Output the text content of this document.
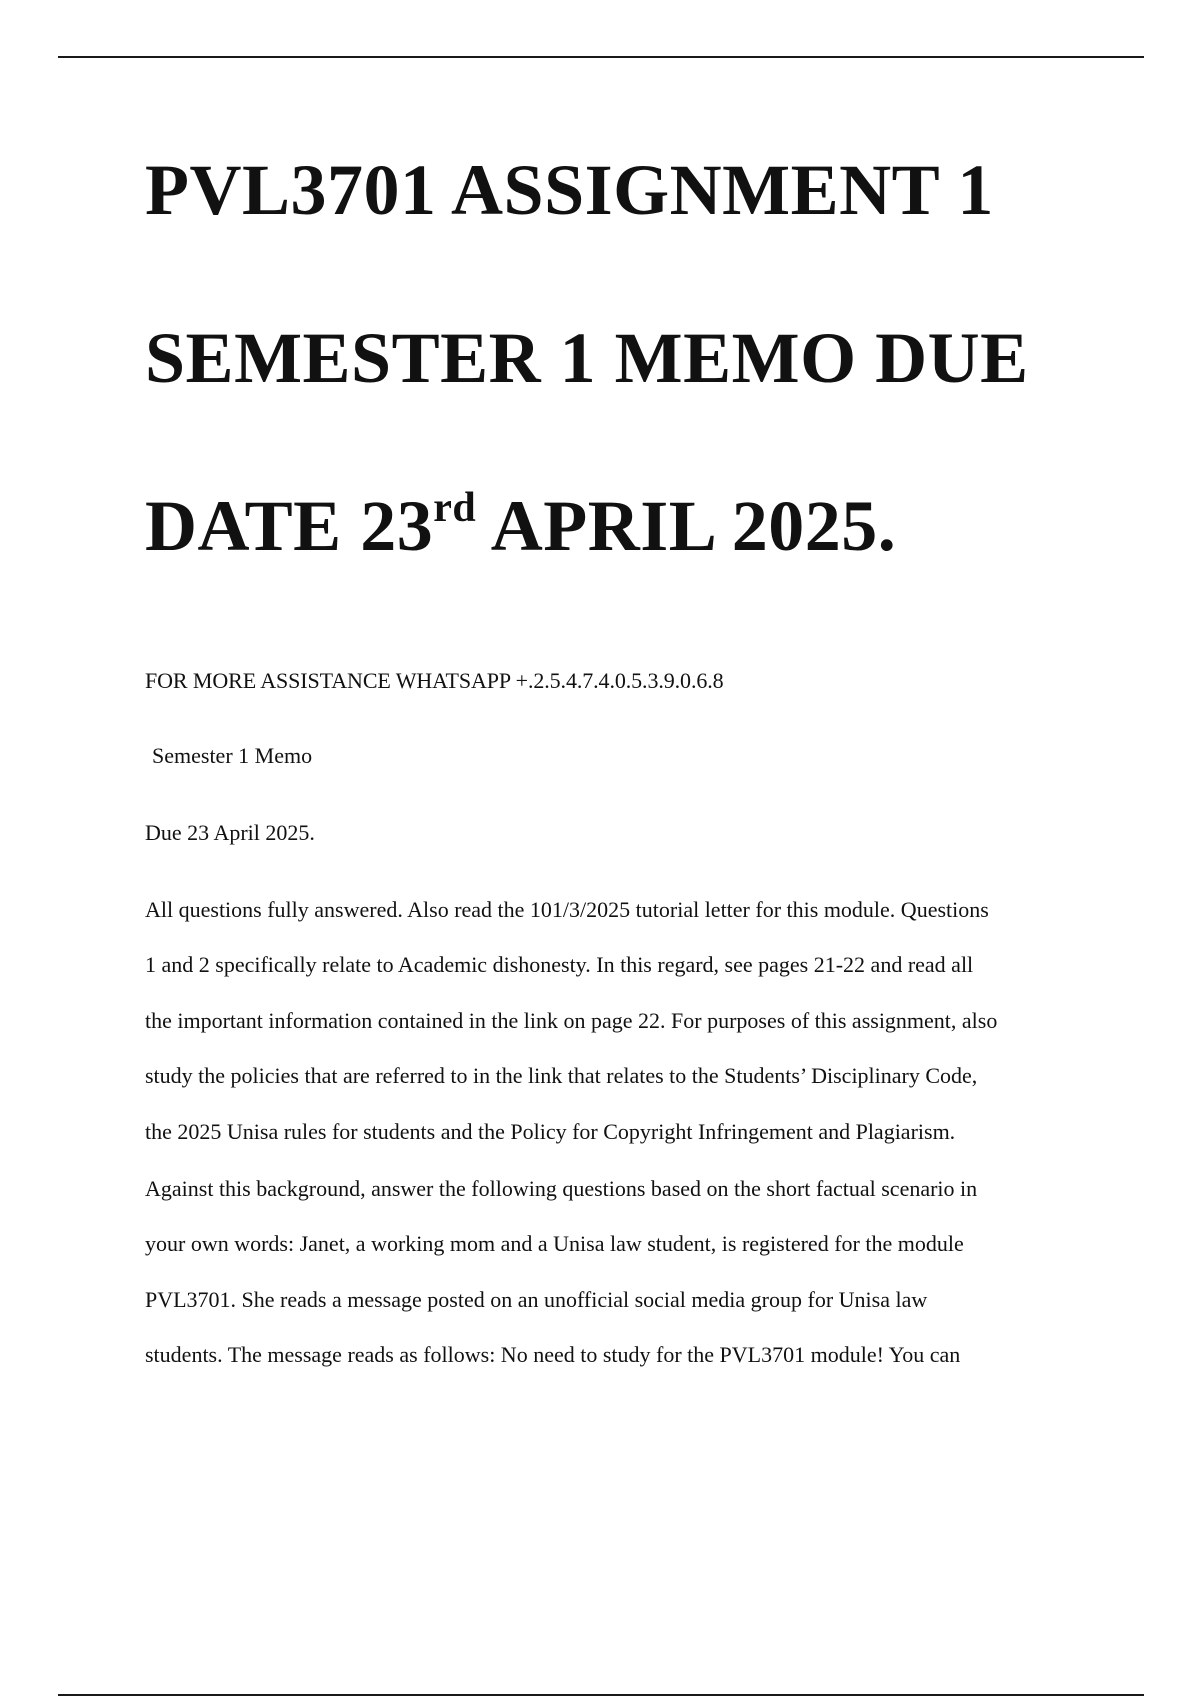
PVL3701 ASSIGNMENT 1
SEMESTER 1 MEMO DUE
DATE 23rd APRIL 2025.

FOR MORE ASSISTANCE WHATSAPP +.2.5.4.7.4.0.5.3.9.0.6.8

Semester 1 Memo

Due 23 April 2025.

All questions fully answered. Also read the 101/3/2025 tutorial letter for this module. Questions
1 and 2 specifically relate to Academic dishonesty. In this regard, see pages 21-22 and read all
the important information contained in the link on page 22. For purposes of this assignment, also
study the policies that are referred to in the link that relates to the Students’ Disciplinary Code,
the 2025 Unisa rules for students and the Policy for Copyright Infringement and Plagiarism.
Against this background, answer the following questions based on the short factual scenario in
your own words: Janet, a working mom and a Unisa law student, is registered for the module
PVL3701. She reads a message posted on an unofficial social media group for Unisa law
students. The message reads as follows: No need to study for the PVL3701 module! You can
